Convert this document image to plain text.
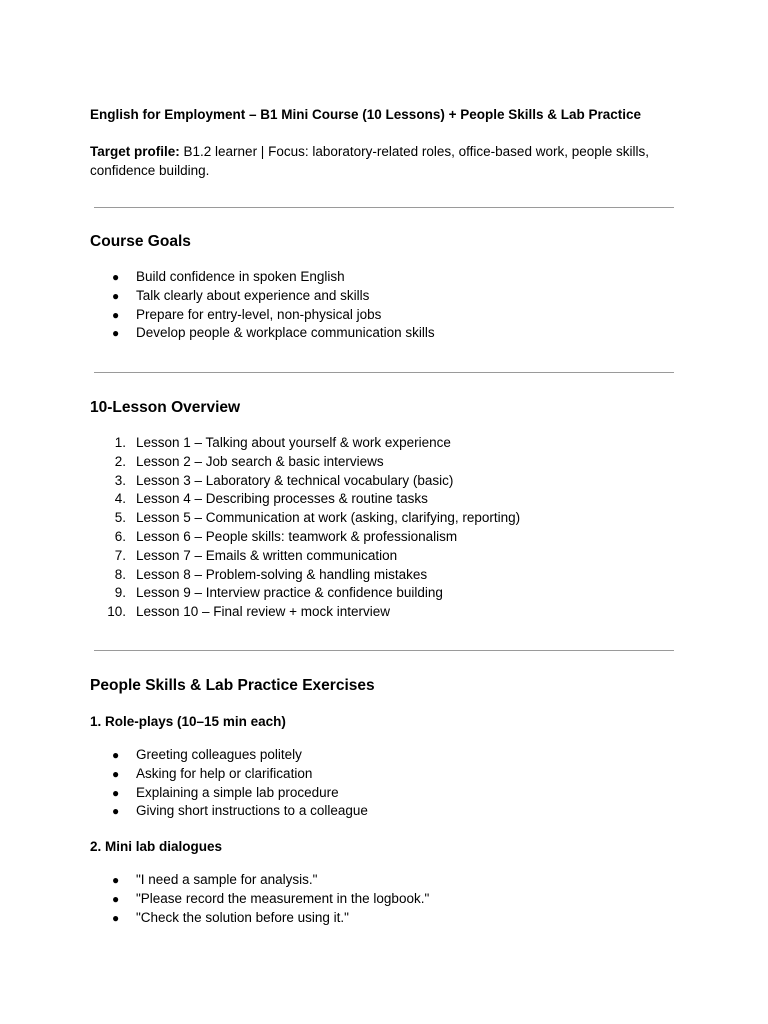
English for Employment – B1 Mini Course (10 Lessons) + People Skills & Lab Practice
Target profile: B1.2 learner | Focus: laboratory-related roles, office-based work, people skills, confidence building.
Course Goals
● Build confidence in spoken English
● Talk clearly about experience and skills
● Prepare for entry-level, non-physical jobs
● Develop people & workplace communication skills
10-Lesson Overview
1. Lesson 1 – Talking about yourself & work experience
2. Lesson 2 – Job search & basic interviews
3. Lesson 3 – Laboratory & technical vocabulary (basic)
4. Lesson 4 – Describing processes & routine tasks
5. Lesson 5 – Communication at work (asking, clarifying, reporting)
6. Lesson 6 – People skills: teamwork & professionalism
7. Lesson 7 – Emails & written communication
8. Lesson 8 – Problem-solving & handling mistakes
9. Lesson 9 – Interview practice & confidence building
10. Lesson 10 – Final review + mock interview
People Skills & Lab Practice Exercises
1. Role-plays (10–15 min each)
● Greeting colleagues politely
● Asking for help or clarification
● Explaining a simple lab procedure
● Giving short instructions to a colleague
2. Mini lab dialogues
● "I need a sample for analysis."
● "Please record the measurement in the logbook."
● "Check the solution before using it."
